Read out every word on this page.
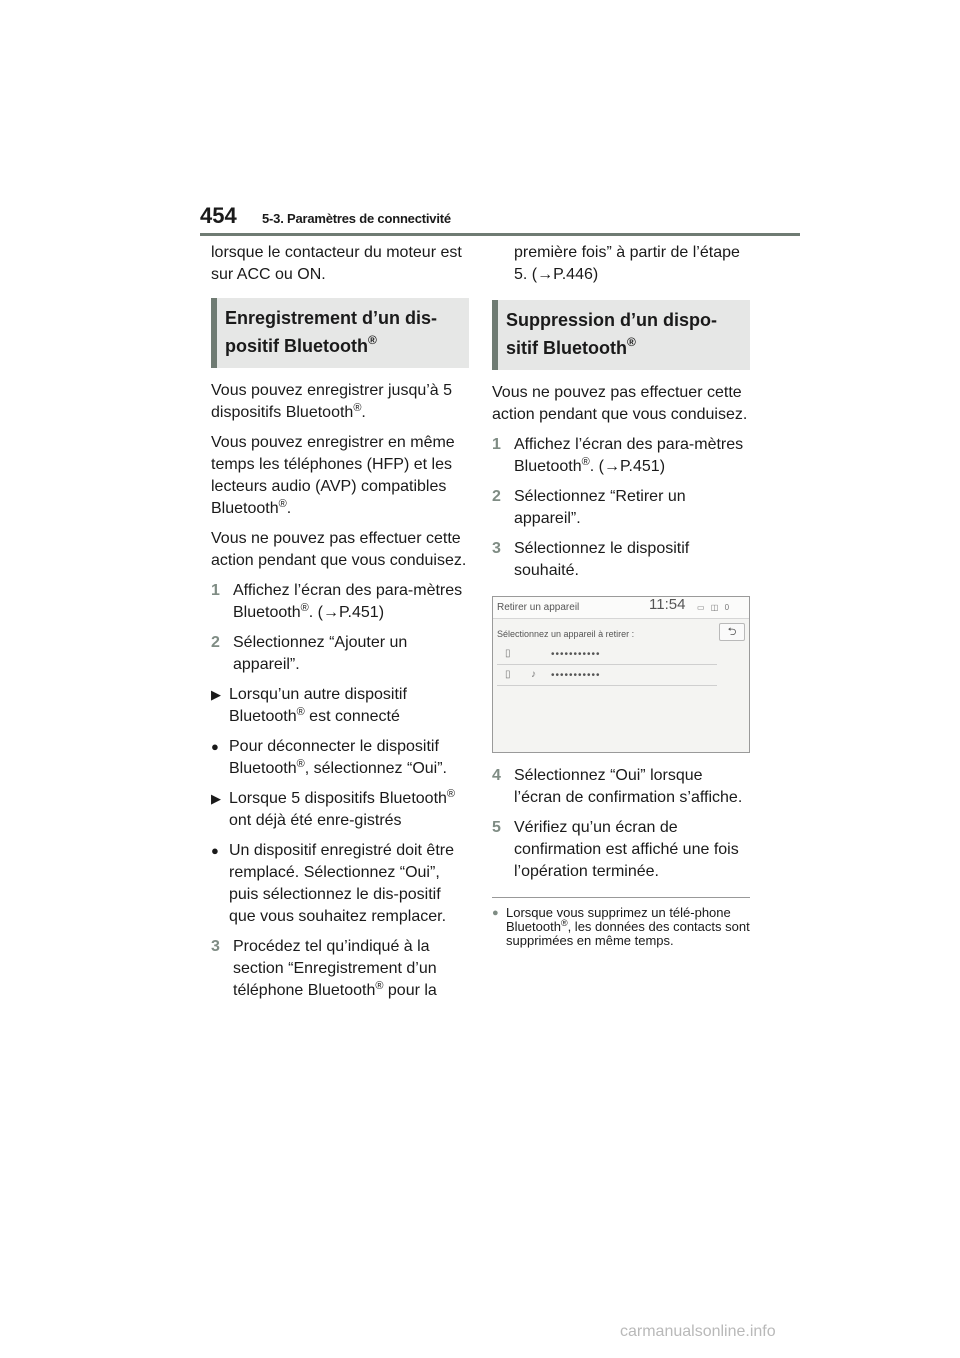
454 5-3. Paramètres de connectivité

lorsque le contacteur du moteur est sur ACC ou ON.

Enregistrement d’un dis-
positif Bluetooth®

Vous pouvez enregistrer jusqu’à 5 dispositifs Bluetooth®.

Vous pouvez enregistrer en même temps les téléphones (HFP) et les lecteurs audio (AVP) compatibles Bluetooth®.

Vous ne pouvez pas effectuer cette action pendant que vous conduisez.

1 Affichez l’écran des para-mètres Bluetooth®. (→P.451)
2 Sélectionnez “Ajouter un appareil”.
▶ Lorsqu’un autre dispositif Bluetooth® est connecté
● Pour déconnecter le dispositif Bluetooth®, sélectionnez “Oui”.
▶ Lorsque 5 dispositifs Bluetooth® ont déjà été enre-gistrés
● Un dispositif enregistré doit être remplacé. Sélectionnez “Oui”, puis sélectionnez le dis-positif que vous souhaitez remplacer.
3 Procédez tel qu’indiqué à la section “Enregistrement d’un téléphone Bluetooth® pour la

première fois” à partir de l’étape 5. (→P.446)

Suppression d’un dispo-
sitif Bluetooth®

Vous ne pouvez pas effectuer cette action pendant que vous conduisez.

1 Affichez l’écran des para-mètres Bluetooth®. (→P.451)
2 Sélectionnez “Retirer un appareil”.
3 Sélectionnez le dispositif souhaité.
Retirer un appareil	11:54 ▭ ◫ 0
Sélectionnez un appareil à retirer :	⮌
▯	•••••••••••
▯ ♪ •••••••••••
4 Sélectionnez “Oui” lorsque l’écran de confirmation s’affiche.
5 Vérifiez qu’un écran de confirmation est affiché une fois l’opération terminée.
● Lorsque vous supprimez un télé-phone Bluetooth®, les données des contacts sont supprimées en même temps.
carmanualsonline.info
